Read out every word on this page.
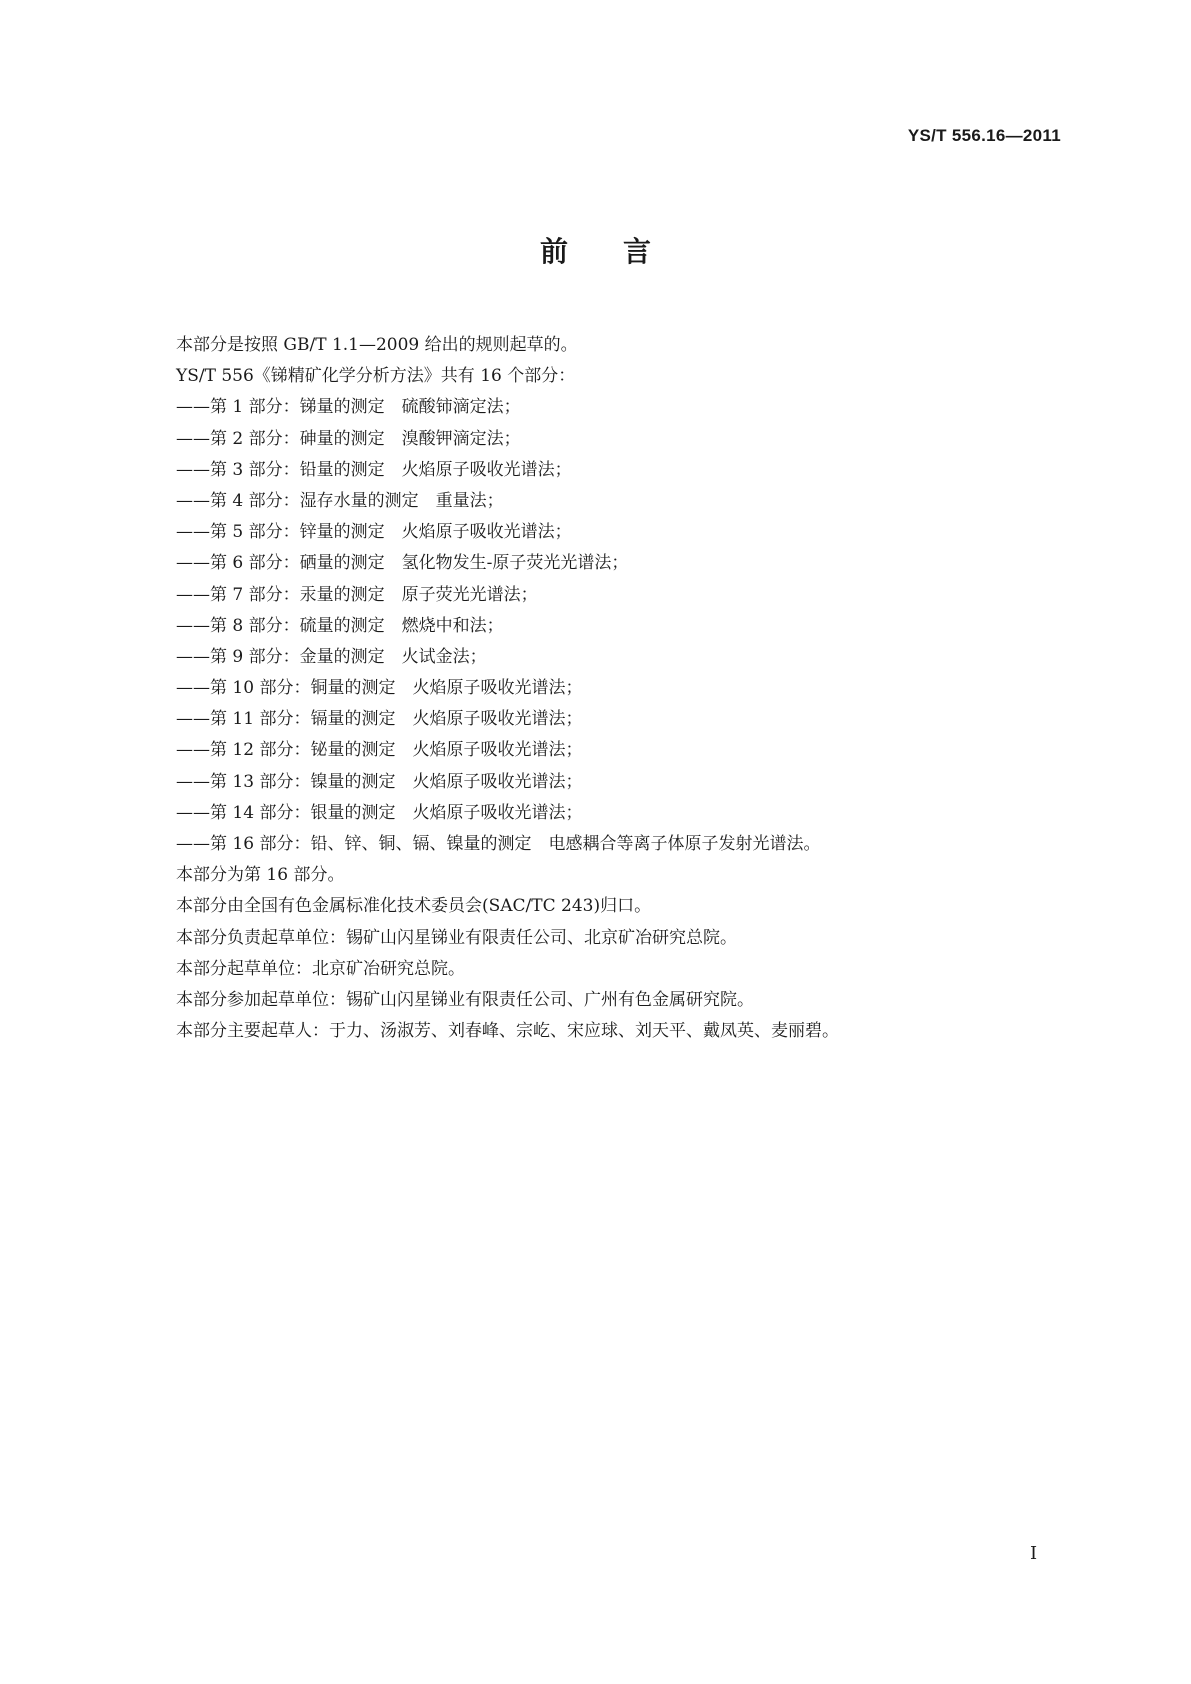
YS/T 556.16—2011
前言
本部分是按照 GB/T 1.1—2009 给出的规则起草的。
YS/T 556《锑精矿化学分析方法》共有 16 个部分：
——第 1 部分：锑量的测定　硫酸铈滴定法；
——第 2 部分：砷量的测定　溴酸钾滴定法；
——第 3 部分：铅量的测定　火焰原子吸收光谱法；
——第 4 部分：湿存水量的测定　重量法；
——第 5 部分：锌量的测定　火焰原子吸收光谱法；
——第 6 部分：硒量的测定　氢化物发生-原子荧光光谱法；
——第 7 部分：汞量的测定　原子荧光光谱法；
——第 8 部分：硫量的测定　燃烧中和法；
——第 9 部分：金量的测定　火试金法；
——第 10 部分：铜量的测定　火焰原子吸收光谱法；
——第 11 部分：镉量的测定　火焰原子吸收光谱法；
——第 12 部分：铋量的测定　火焰原子吸收光谱法；
——第 13 部分：镍量的测定　火焰原子吸收光谱法；
——第 14 部分：银量的测定　火焰原子吸收光谱法；
——第 16 部分：铅、锌、铜、镉、镍量的测定　电感耦合等离子体原子发射光谱法。
本部分为第 16 部分。
本部分由全国有色金属标准化技术委员会(SAC/TC 243)归口。
本部分负责起草单位：锡矿山闪星锑业有限责任公司、北京矿冶研究总院。
本部分起草单位：北京矿冶研究总院。
本部分参加起草单位：锡矿山闪星锑业有限责任公司、广州有色金属研究院。
本部分主要起草人：于力、汤淑芳、刘春峰、宗屹、宋应球、刘天平、戴凤英、麦丽碧。
I
